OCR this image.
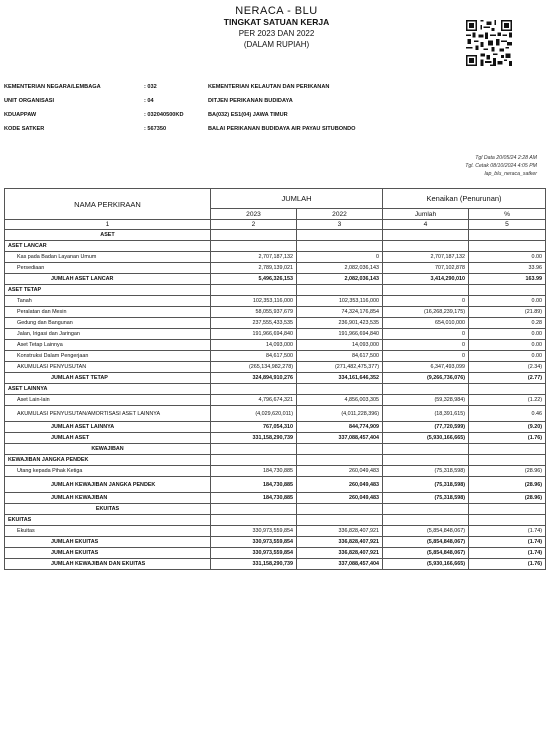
NERACA - BLU
TINGKAT SATUAN KERJA
PER 2023 DAN 2022
(DALAM RUPIAH)
KEMENTERIAN NEGARA/LEMBAGA	: 032	KEMENTERIAN KELAUTAN DAN PERIKANAN
UNIT ORGANISASI	: 04	DITJEN PERIKANAN BUDIDAYA
KDUAPPAW	: 032040500KD	BA(032) ES1(04) JAWA TIMUR
KODE SATKER	: 567350	BALAI PERIKANAN BUDIDAYA AIR PAYAU SITUBONDO
Tgl Data 20/05/24 2:28 AM
Tgl. Cetak 08/10/2024 4:05 PM
lap_blu_neraca_satker
NAMA PERKIRAAN	JUMLAH		Kenaikan (Penurunan)	
	2023	2022	Jumlah	%
1	2	3	4	5
ASET				
ASET LANCAR				
Kas pada Badan Layanan Umum	2,707,187,132	0	2,707,187,132	0.00
Persediaan	2,789,139,021	2,082,036,143	707,102,878	33.96
JUMLAH ASET LANCAR	5,496,326,153	2,082,036,143	3,414,290,010	163.99
ASET TETAP				
Tanah	102,353,116,000	102,353,116,000	0	0.00
Peralatan dan Mesin	58,055,937,679	74,324,176,854	(16,268,239,175)	(21.89)
Gedung dan Bangunan	237,555,433,535	236,901,423,535	654,010,000	0.28
Jalan, Irigasi dan Jaringan	191,966,694,840	191,966,694,840	0	0.00
Aset Tetap Lainnya	14,093,000	14,093,000	0	0.00
Konstruksi Dalam Pengerjaan	84,617,500	84,617,500	0	0.00
AKUMULASI PENYUSUTAN	(265,134,982,278)	(271,482,475,377)	6,347,493,099	(2.34)
JUMLAH ASET TETAP	324,894,910,276	334,161,646,352	(9,266,736,076)	(2.77)
ASET LAINNYA				
Aset Lain-lain	4,796,674,321	4,856,003,305	(59,328,984)	(1.22)
AKUMULASI PENYUSUTAN/AMORTISASI ASET LAINNYA	(4,029,620,011)	(4,011,228,396)	(18,391,615)	0.46
JUMLAH ASET LAINNYA	767,054,310	844,774,909	(77,720,599)	(9.20)
JUMLAH ASET	331,158,290,739	337,088,457,404	(5,930,166,665)	(1.76)
KEWAJIBAN				
KEWAJIBAN JANGKA PENDEK				
Utang kepada Pihak Ketiga	184,730,885	260,049,483	(75,318,598)	(28.96)
JUMLAH KEWAJIBAN JANGKA PENDEK	184,730,885	260,049,483	(75,318,598)	(28.96)
JUMLAH KEWAJIBAN	184,730,885	260,049,483	(75,318,598)	(28.96)
EKUITAS				
EKUITAS				
Ekuitas	330,973,559,854	336,828,407,921	(5,854,848,067)	(1.74)
JUMLAH EKUITAS	330,973,559,854	336,828,407,921	(5,854,848,067)	(1.74)
JUMLAH EKUITAS	330,973,559,854	336,828,407,921	(5,854,848,067)	(1.74)
JUMLAH KEWAJIBAN DAN EKUITAS	331,158,290,739	337,088,457,404	(5,930,166,665)	(1.76)
